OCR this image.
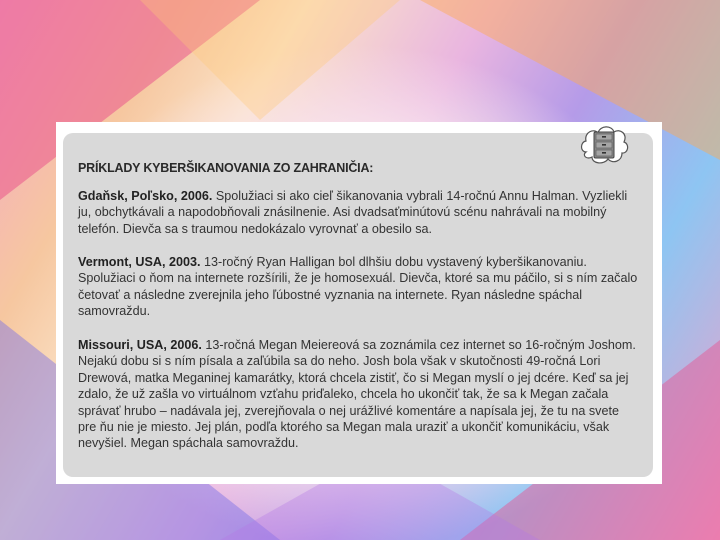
PRÍKLADY KYBERŠIKANOVANIA ZO ZAHRANIČIA:

Gdaňsk, Poľsko, 2006. Spolužiaci si ako cieľ šikanovania vybrali 14-ročnú Annu Halman. Vyzliekli ju, obchytkávali a napodobňovali znásilnenie. Asi dvadsaťminútovú scénu nahrávali na mobilný telefón. Dievča sa s traumou nedokázalo vyrovnať a obesilo sa.

Vermont, USA, 2003. 13-ročný Ryan Halligan bol dlhšiu dobu vystavený kyberšikanovaniu. Spolužiaci o ňom na internete rozšírili, že je homosexuál. Dievča, ktoré sa mu páčilo, si s ním začalo četovať a následne zverejnila jeho ľúbostné vyznania na internete. Ryan následne spáchal samovraždu.

Missouri, USA, 2006. 13-ročná Megan Meiereová sa zoznámila cez internet so 16-ročným Joshom. Nejakú dobu si s ním písala a zaľúbila sa do neho. Josh bola však v skutočnosti 49-ročná Lori Drewová, matka Meganinej kamarátky, ktorá chcela zistiť, čo si Megan myslí o jej dcére. Keď sa jej zdalo, že už zašla vo virtuálnom vzťahu priďaleko, chcela ho ukončiť tak, že sa k Megan začala správať hrubo – nadávala jej, zverejňovala o nej urážlivé komentáre a napísala jej, že tu na svete pre ňu nie je miesto. Jej plán, podľa ktorého sa Megan mala uraziť a ukončiť komunikáciu, však nevyšiel. Megan spáchala samovraždu.
